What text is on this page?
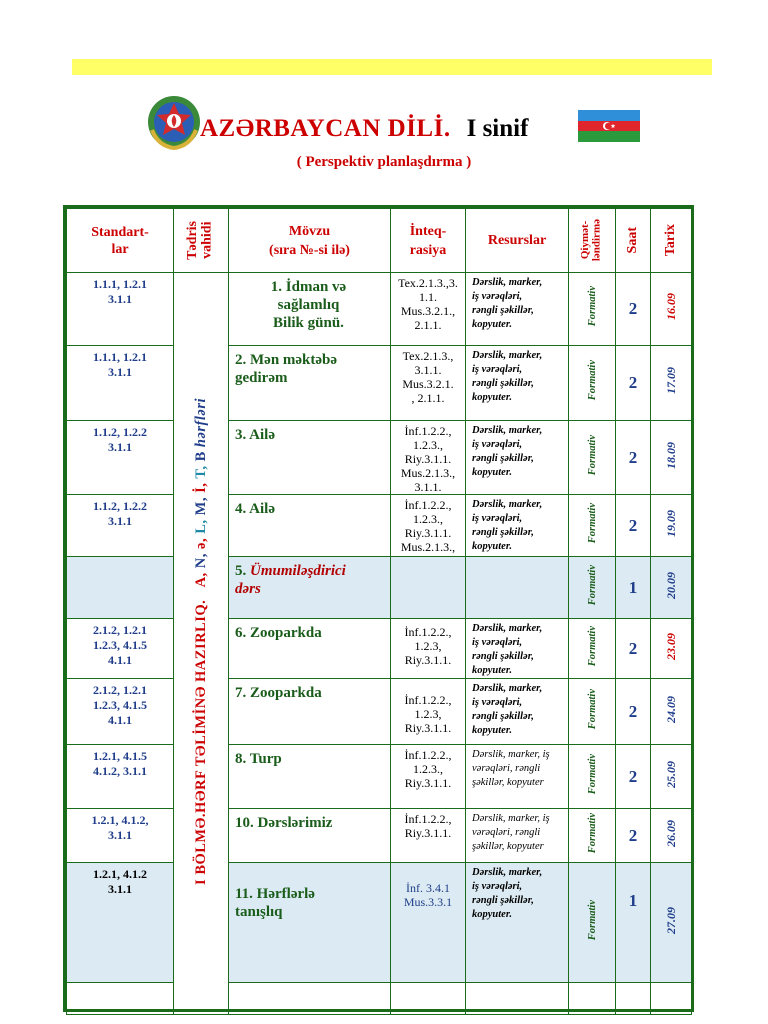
AZƏRBAYCAN DİLİ. I sinif
( Perspektiv planlaşdırma )
Standart-
lar	Tədris
vahidi	Mövzu
(sıra №-si ilə)	İnteq-
rasiya	Resurslar	Qiymət-
ləndirmə	Saat	Tarix

1.1.1, 1.2.1
3.1.1	I BÖLMƏ.HƏRF TƏLİMİNƏ HAZIRLIQ.   A, N, ə, L, M, İ, T, B hərfləri	1. İdman və
sağlamlıq
Bilik günü.	Tex.2.1.3.,3.
1.1.
Mus.3.2.1.,
2.1.1.	Dərslik, marker,
iş vərəqləri,
rəngli şəkillər,
kopyuter.	Formativ	2	16.09
1.1.1, 1.2.1
3.1.1		2. Mən məktəbə
gedirəm	Tex.2.1.3.,
3.1.1.
Mus.3.2.1.
, 2.1.1.	Dərslik, marker,
iş vərəqləri,
rəngli şəkillər,
kopyuter.	Formativ	2	17.09
1.1.2, 1.2.2
3.1.1		3. Ailə	İnf.1.2.2.,
1.2.3.,
Riy.3.1.1.
Mus.2.1.3.,
3.1.1.	Dərslik, marker,
iş vərəqləri,
rəngli şəkillər,
kopyuter.	Formativ	2	18.09
1.1.2, 1.2.2
3.1.1		4. Ailə	İnf.1.2.2.,
1.2.3.,
Riy.3.1.1.
Mus.2.1.3.,	Dərslik, marker,
iş vərəqləri,
rəngli şəkillər,
kopyuter.	Formativ	2	19.09
		5. Ümumiləşdirici
dərs			Formativ	1	20.09
2.1.2, 1.2.1
1.2.3, 4.1.5
4.1.1		6. Zooparkda	İnf.1.2.2.,
1.2.3,
Riy.3.1.1.	Dərslik, marker,
iş vərəqləri,
rəngli şəkillər,
kopyuter.	Formativ	2	23.09
2.1.2, 1.2.1
1.2.3, 4.1.5
4.1.1		7. Zooparkda	İnf.1.2.2.,
1.2.3,
Riy.3.1.1.	Dərslik, marker,
iş vərəqləri,
rəngli şəkillər,
kopyuter.	Formativ	2	24.09
1.2.1, 4.1.5
4.1.2, 3.1.1		8. Turp	İnf.1.2.2.,
1.2.3.,
Riy.3.1.1.	Dərslik, marker, iş
vərəqləri, rəngli
şəkillər, kopyuter	Formativ	2	25.09
1.2.1, 4.1.2,
3.1.1		10. Dərslərimiz	İnf.1.2.2.,
Riy.3.1.1.	Dərslik, marker, iş
vərəqləri, rəngli
şəkillər, kopyuter	Formativ	2	26.09
1.2.1, 4.1.2
3.1.1		11. Hərflərlə
tanışlıq	İnf. 3.4.1
Mus.3.3.1	Dərslik, marker,
iş vərəqləri,
rəngli şəkillər,
kopyuter.	Formativ	1	27.09
